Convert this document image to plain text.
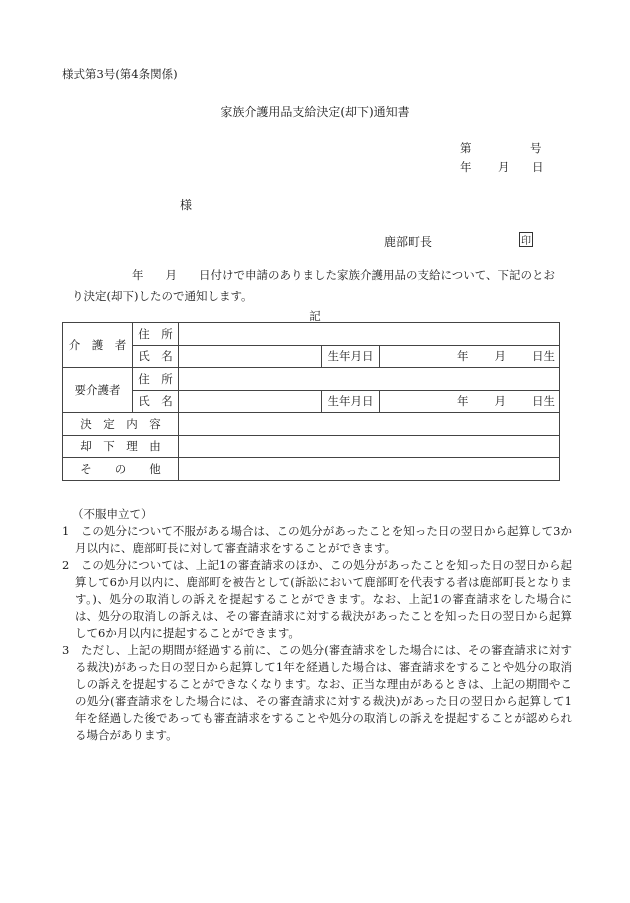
様式第3号(第4条関係)
家族介護用品支給決定(却下)通知書
第	号
年 月 日
様
鹿部町長	印
年 月 日付けで申請のありました家族介護用品の支給について、下記のとお
り決定(却下)したので通知します。
記
介　護　者	住　所			
	氏　名		生年月日	年 月 日生
要介護者	住　所			
	氏　名		生年月日	年 月 日生
決　定　内　容				
却　下　理　由				
そ　　の　　他				

（不服申立て）

1　この処分について不服がある場合は、この処分があったことを知った日の翌日から起算して3か月以内に、鹿部町長に対して審査請求をすることができます。

2　この処分については、上記1の審査請求のほか、この処分があったことを知った日の翌日から起算して6か月以内に、鹿部町を被告として(訴訟において鹿部町を代表する者は鹿部町長となります。)、処分の取消しの訴えを提起することができます。なお、上記1の審査請求をした場合には、処分の取消しの訴えは、その審査請求に対する裁決があったことを知った日の翌日から起算して6か月以内に提起することができます。

3　ただし、上記の期間が経過する前に、この処分(審査請求をした場合には、その審査請求に対する裁決)があった日の翌日から起算して1年を経過した場合は、審査請求をすることや処分の取消しの訴えを提起することができなくなります。なお、正当な理由があるときは、上記の期間やこの処分(審査請求をした場合には、その審査請求に対する裁決)があった日の翌日から起算して1年を経過した後であっても審査請求をすることや処分の取消しの訴えを提起することが認められる場合があります。
